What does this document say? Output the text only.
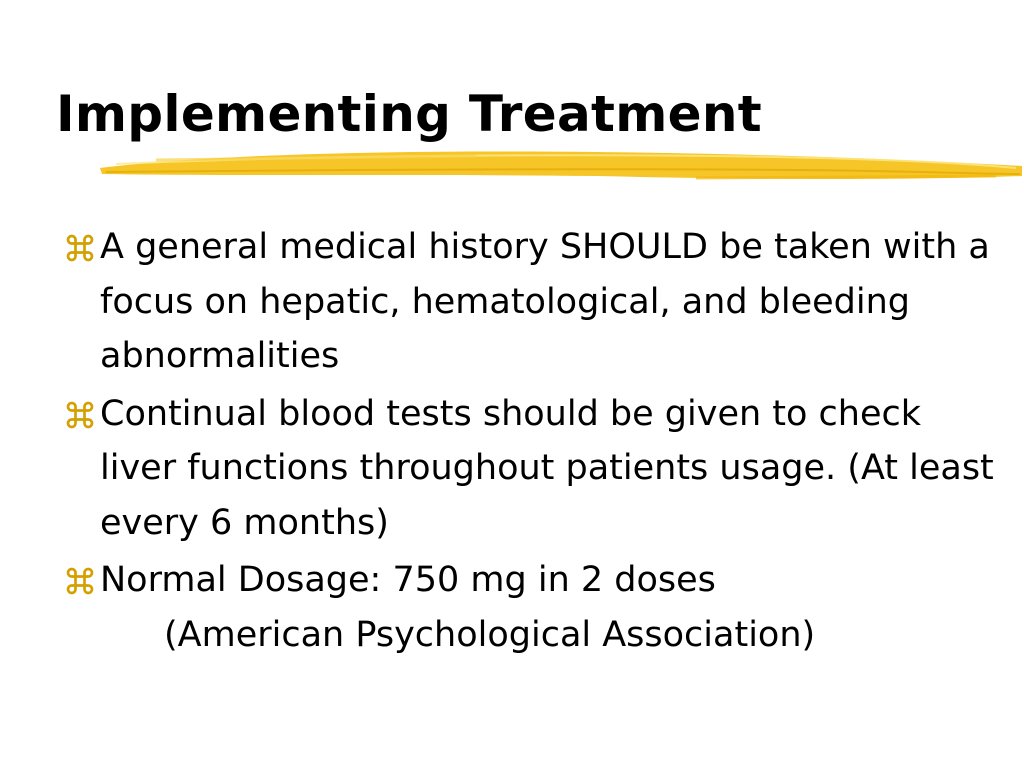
Implementing Treatment
A general medical history SHOULD be taken with a focus on hepatic, hematological, and bleeding abnormalities
Continual blood tests should be given to check liver functions throughout patients usage. (At least every 6 months)
Normal Dosage: 750 mg in 2 doses
(American Psychological Association)
